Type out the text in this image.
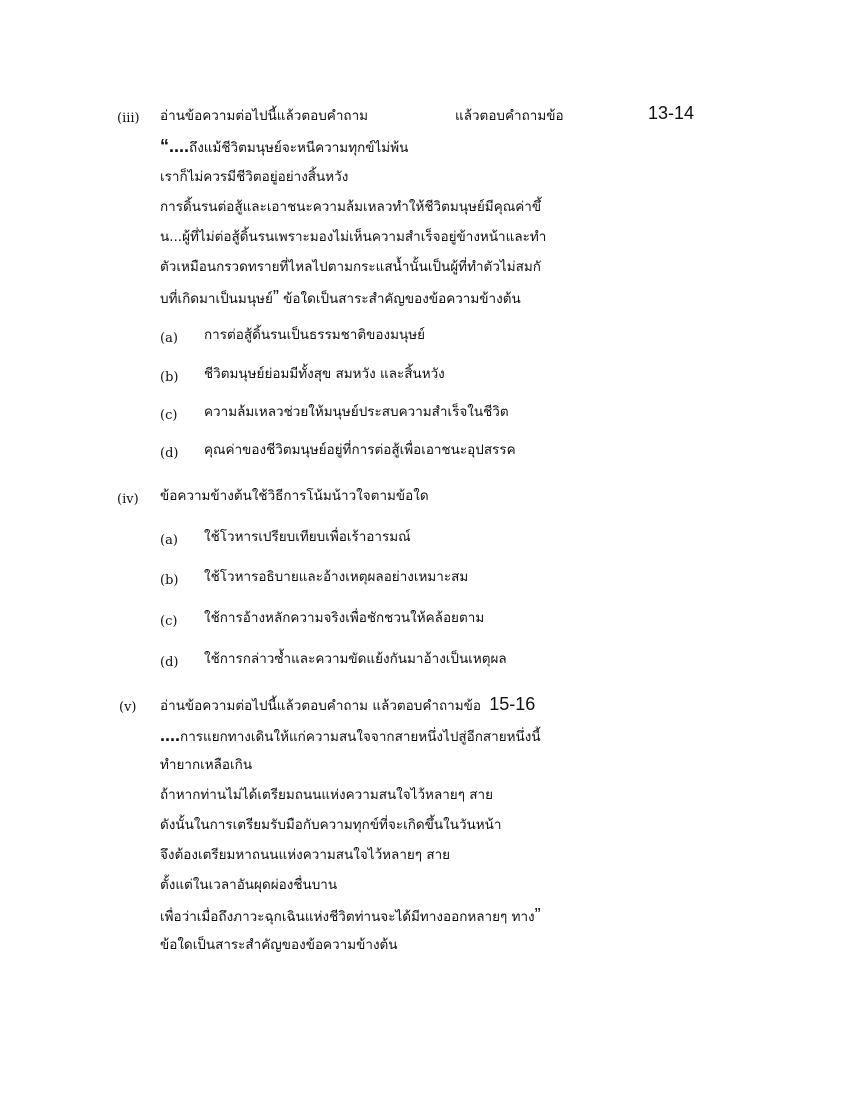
(iii) อ่านข้อความต่อไปนี้แล้วตอบคำถาม	แล้วตอบคำถามข้อ	13-14
“....ถึงแม้ชีวิตมนุษย์จะหนีความทุกข์ไม่พ้น
เราก็ไม่ควรมีชีวิตอยู่อย่างสิ้นหวัง
การดิ้นรนต่อสู้และเอาชนะความล้มเหลวทำให้ชีวิตมนุษย์มีคุณค่าขึ้
น...ผู้ที่ไม่ต่อสู้ดิ้นรนเพราะมองไม่เห็นความสำเร็จอยู่ข้างหน้าและทำ
ตัวเหมือนกรวดทรายที่ไหลไปตามกระแสน้ำนั้นเป็นผู้ที่ทำตัวไม่สมกั
บที่เกิดมาเป็นมนุษย์” ข้อใดเป็นสาระสำคัญของข้อความข้างต้น
(a) การต่อสู้ดิ้นรนเป็นธรรมชาติของมนุษย์
(b) ชีวิตมนุษย์ย่อมมีทั้งสุข สมหวัง และสิ้นหวัง
(c) ความล้มเหลวช่วยให้มนุษย์ประสบความสำเร็จในชีวิต
(d) คุณค่าของชีวิตมนุษย์อยู่ที่การต่อสู้เพื่อเอาชนะอุปสรรค
(iv) ข้อความข้างต้นใช้วิธีการโน้มน้าวใจตามข้อใด
(a) ใช้โวหารเปรียบเทียบเพื่อเร้าอารมณ์
(b) ใช้โวหารอธิบายและอ้างเหตุผลอย่างเหมาะสม
(c) ใช้การอ้างหลักความจริงเพื่อชักชวนให้คล้อยตาม
(d) ใช้การกล่าวซ้ำและความขัดแย้งกันมาอ้างเป็นเหตุผล
(v) อ่านข้อความต่อไปนี้แล้วตอบคำถาม แล้วตอบคำถามข้อ 15-16
....การแยกทางเดินให้แก่ความสนใจจากสายหนึ่งไปสู่อีกสายหนึ่งนี้
ทำยากเหลือเกิน
ถ้าหากท่านไม่ได้เตรียมถนนแห่งความสนใจไว้หลายๆ สาย
ดังนั้นในการเตรียมรับมือกับความทุกข์ที่จะเกิดขึ้นในวันหน้า
จึงต้องเตรียมหาถนนแห่งความสนใจไว้หลายๆ สาย
ตั้งแต่ในเวลาอันผุดผ่องชื่นบาน
เพื่อว่าเมื่อถึงภาวะฉุกเฉินแห่งชีวิตท่านจะได้มีทางออกหลายๆ ทาง”
ข้อใดเป็นสาระสำคัญของข้อความข้างต้น
